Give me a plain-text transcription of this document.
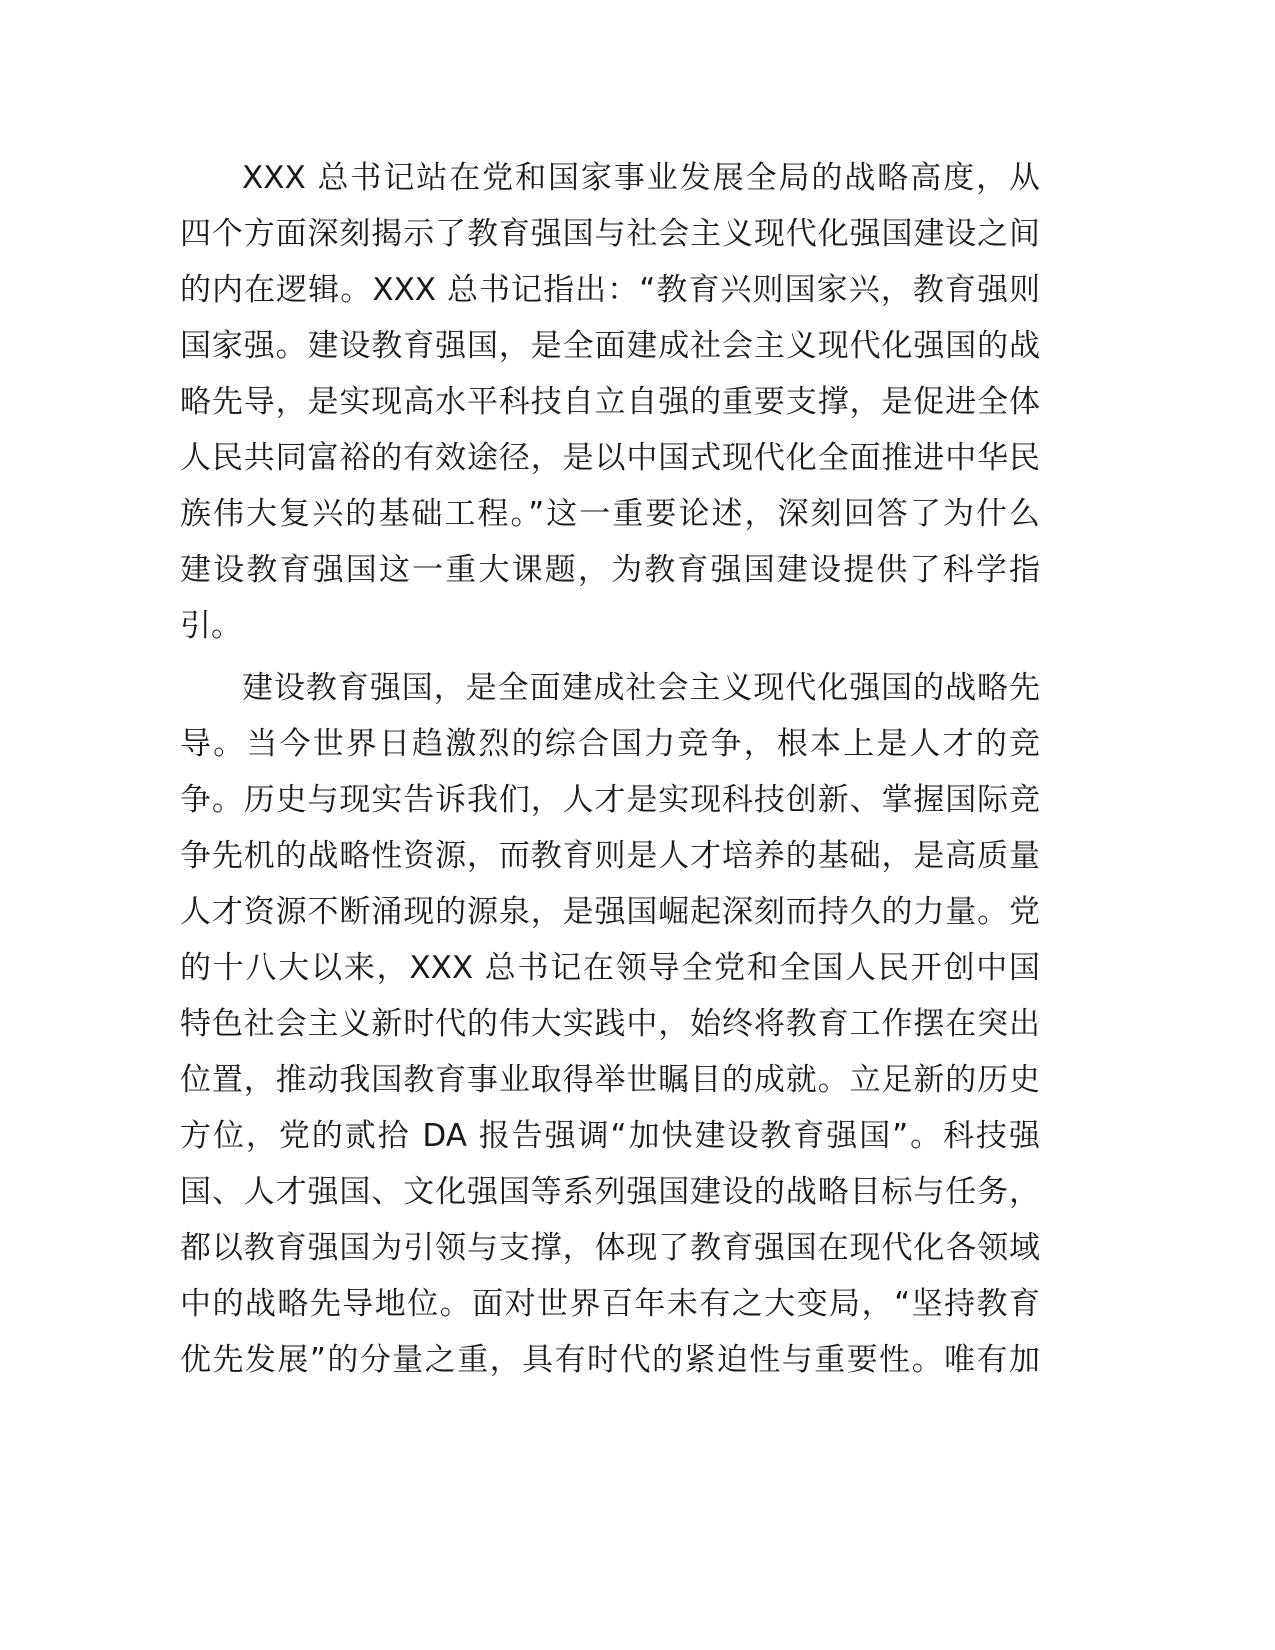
XXX 总书记站在党和国家事业发展全局的战略高度，从
四个方面深刻揭示了教育强国与社会主义现代化强国建设之间
的内在逻辑。XXX 总书记指出：“教育兴则国家兴，教育强则
国家强。建设教育强国，是全面建成社会主义现代化强国的战
略先导，是实现高水平科技自立自强的重要支撑，是促进全体
人民共同富裕的有效途径，是以中国式现代化全面推进中华民
族伟大复兴的基础工程。”这一重要论述，深刻回答了为什么
建设教育强国这一重大课题，为教育强国建设提供了科学指
引。
建设教育强国，是全面建成社会主义现代化强国的战略先
导。当今世界日趋激烈的综合国力竞争，根本上是人才的竞
争。历史与现实告诉我们，人才是实现科技创新、掌握国际竞
争先机的战略性资源，而教育则是人才培养的基础，是高质量
人才资源不断涌现的源泉，是强国崛起深刻而持久的力量。党
的十八大以来，XXX 总书记在领导全党和全国人民开创中国
特色社会主义新时代的伟大实践中，始终将教育工作摆在突出
位置，推动我国教育事业取得举世瞩目的成就。立足新的历史
方位，党的贰拾 DA 报告强调“加快建设教育强国”。科技强
国、人才强国、文化强国等系列强国建设的战略目标与任务，
都以教育强国为引领与支撑，体现了教育强国在现代化各领域
中的战略先导地位。面对世界百年未有之大变局，“坚持教育
优先发展”的分量之重，具有时代的紧迫性与重要性。唯有加
